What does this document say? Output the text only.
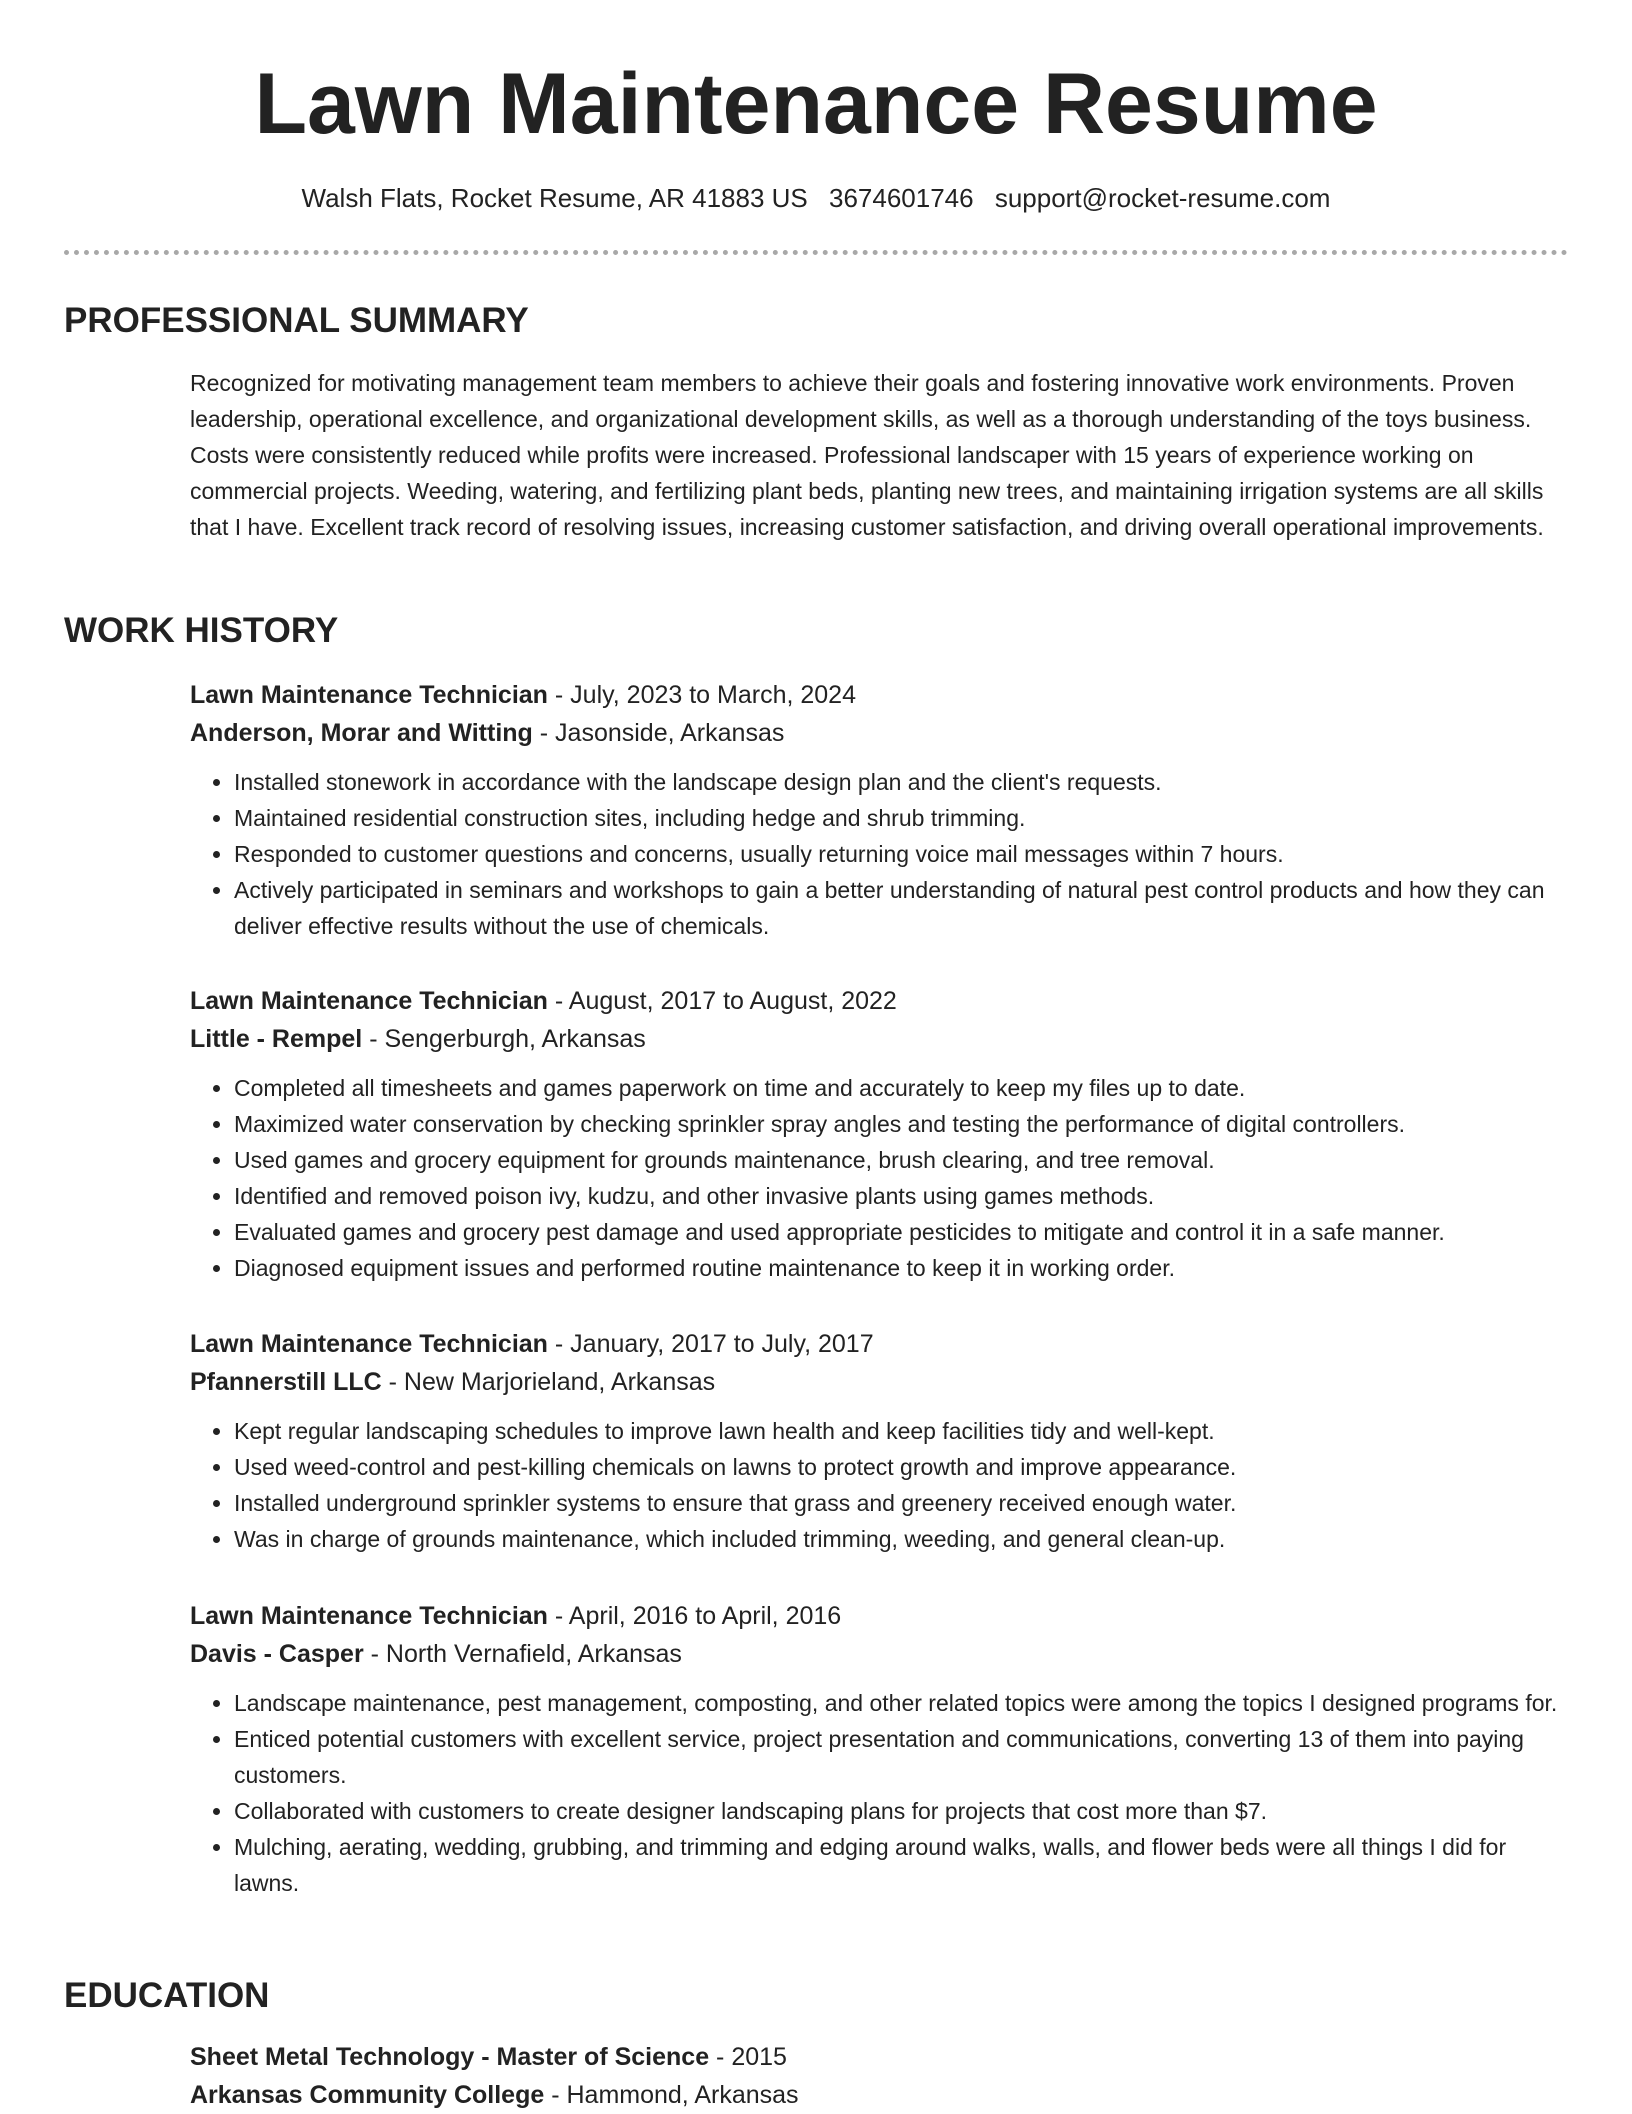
Lawn Maintenance Resume
Walsh Flats, Rocket Resume, AR 41883 US 3674601746 support@rocket-resume.com
PROFESSIONAL SUMMARY

Recognized for motivating management team members to achieve their goals and fostering innovative work environments. Proven leadership, operational excellence, and organizational development skills, as well as a thorough understanding of the toys business. Costs were consistently reduced while profits were increased. Professional landscaper with 15 years of experience working on commercial projects. Weeding, watering, and fertilizing plant beds, planting new trees, and maintaining irrigation systems are all skills that I have. Excellent track record of resolving issues, increasing customer satisfaction, and driving overall operational improvements.

WORK HISTORY
Lawn Maintenance Technician - July, 2023 to March, 2024
Anderson, Morar and Witting - Jasonside, Arkansas
• Installed stonework in accordance with the landscape design plan and the client's requests.
• Maintained residential construction sites, including hedge and shrub trimming.
• Responded to customer questions and concerns, usually returning voice mail messages within 7 hours.
• Actively participated in seminars and workshops to gain a better understanding of natural pest control products and how they can deliver effective results without the use of chemicals.
Lawn Maintenance Technician - August, 2017 to August, 2022
Little - Rempel - Sengerburgh, Arkansas
• Completed all timesheets and games paperwork on time and accurately to keep my files up to date.
• Maximized water conservation by checking sprinkler spray angles and testing the performance of digital controllers.
• Used games and grocery equipment for grounds maintenance, brush clearing, and tree removal.
• Identified and removed poison ivy, kudzu, and other invasive plants using games methods.
• Evaluated games and grocery pest damage and used appropriate pesticides to mitigate and control it in a safe manner.
• Diagnosed equipment issues and performed routine maintenance to keep it in working order.
Lawn Maintenance Technician - January, 2017 to July, 2017
Pfannerstill LLC - New Marjorieland, Arkansas
• Kept regular landscaping schedules to improve lawn health and keep facilities tidy and well-kept.
• Used weed-control and pest-killing chemicals on lawns to protect growth and improve appearance.
• Installed underground sprinkler systems to ensure that grass and greenery received enough water.
• Was in charge of grounds maintenance, which included trimming, weeding, and general clean-up.
Lawn Maintenance Technician - April, 2016 to April, 2016
Davis - Casper - North Vernafield, Arkansas
• Landscape maintenance, pest management, composting, and other related topics were among the topics I designed programs for.
• Enticed potential customers with excellent service, project presentation and communications, converting 13 of them into paying customers.
• Collaborated with customers to create designer landscaping plans for projects that cost more than $7.
• Mulching, aerating, wedding, grubbing, and trimming and edging around walks, walls, and flower beds were all things I did for lawns.
EDUCATION
Sheet Metal Technology - Master of Science - 2015
Arkansas Community College - Hammond, Arkansas
